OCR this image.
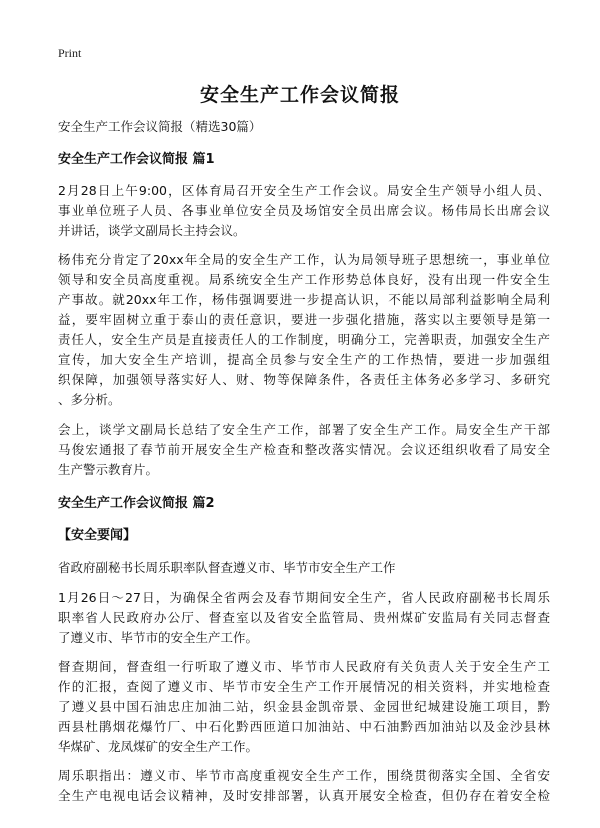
Print
安全生产工作会议简报
安全生产工作会议简报（精选30篇）
安全生产工作会议简报 篇1
2月28日上午9:00，区体育局召开安全生产工作会议。局安全生产领导小组人员、
事业单位班子人员、各事业单位安全员及场馆安全员出席会议。杨伟局长出席会议
并讲话，谈学文副局长主持会议。
杨伟充分肯定了20xx年全局的安全生产工作，认为局领导班子思想统一，事业单位
领导和安全员高度重视。局系统安全生产工作形势总体良好，没有出现一件安全生
产事故。就20xx年工作，杨伟强调要进一步提高认识，不能以局部利益影响全局利
益，要牢固树立重于泰山的责任意识，要进一步强化措施，落实以主要领导是第一
责任人，安全生产员是直接责任人的工作制度，明确分工，完善职责，加强安全生产
宣传，加大安全生产培训，提高全员参与安全生产的工作热情，要进一步加强组
织保障，加强领导落实好人、财、物等保障条件，各责任主体务必多学习、多研究
、多分析。
会上，谈学文副局长总结了安全生产工作，部署了安全生产工作。局安全生产干部
马俊宏通报了春节前开展安全生产检查和整改落实情况。会议还组织收看了局安全
生产警示教育片。
安全生产工作会议简报 篇2
【安全要闻】
省政府副秘书长周乐职率队督查遵义市、毕节市安全生产工作
1月26日～27日，为确保全省两会及春节期间安全生产，省人民政府副秘书长周乐
职率省人民政府办公厅、督查室以及省安全监管局、贵州煤矿安监局有关同志督查
了遵义市、毕节市的安全生产工作。
督查期间，督查组一行听取了遵义市、毕节市人民政府有关负责人关于安全生产工
作的汇报，查阅了遵义市、毕节市安全生产工作开展情况的相关资料，并实地检查
了遵义县中国石油忠庄加油二站，织金县金凯帝景、金园世纪城建设施工项目，黔
西县杜鹃烟花爆竹厂、中石化黔西匝道口加油站、中石油黔西加油站以及金沙县林
华煤矿、龙凤煤矿的安全生产工作。
周乐职指出：遵义市、毕节市高度重视安全生产工作，围绕贯彻落实全国、全省安
全生产电视电话会议精神，及时安排部署，认真开展安全检查，但仍存在着安全检
